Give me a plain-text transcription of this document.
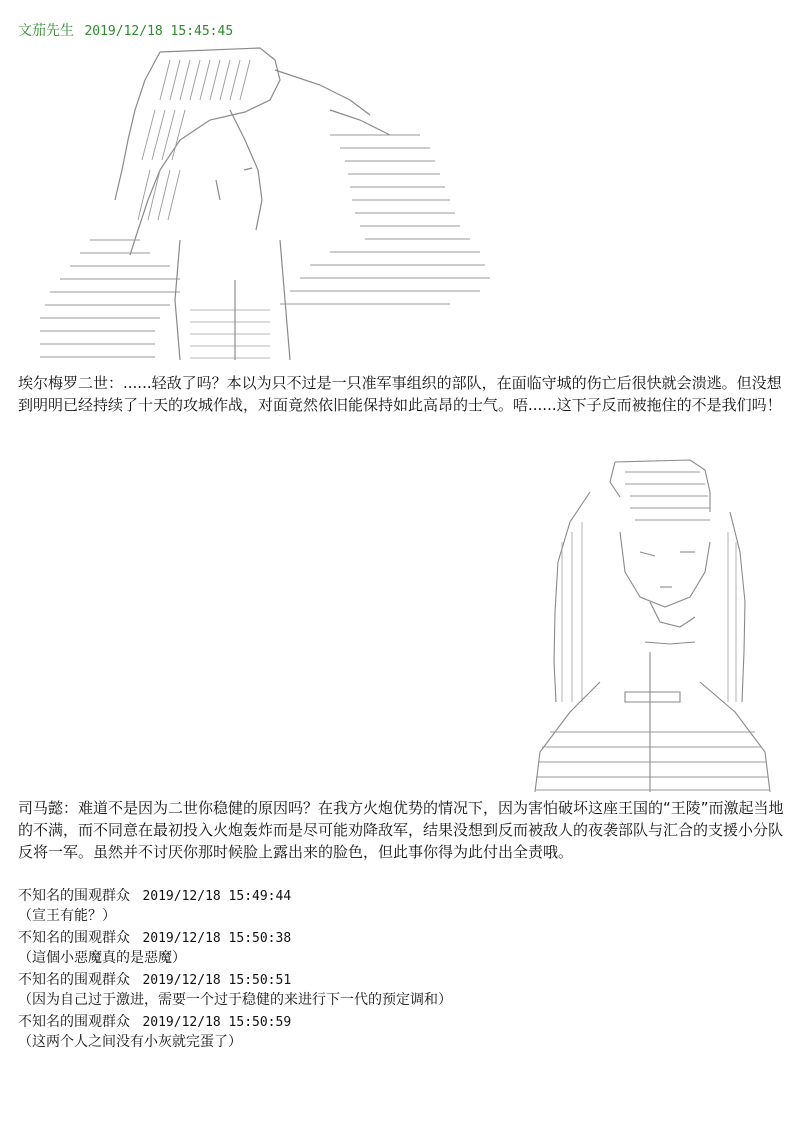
文茄先生 2019/12/18 15:45:45
埃尔梅罗二世：......轻敌了吗？本以为只不过是一只准军事组织的部队，在面临守城的伤亡后很快就会溃逃。但没想到明明已经持续了十天的攻城作战，对面竟然依旧能保持如此高昂的士气。唔......这下子反而被拖住的不是我们吗！
司马懿：难道不是因为二世你稳健的原因吗？在我方火炮优势的情况下，因为害怕破坏这座王国的“王陵”而激起当地的不满，而不同意在最初投入火炮轰炸而是尽可能劝降敌军，结果没想到反而被敌人的夜袭部队与汇合的支援小分队反将一军。虽然并不讨厌你那时候脸上露出来的脸色，但此事你得为此付出全责哦。
不知名的围观群众 2019/12/18 15:49:44
（宣王有能？）
不知名的围观群众 2019/12/18 15:50:38
（這個小惡魔真的是惡魔）
不知名的围观群众 2019/12/18 15:50:51
（因为自己过于激进，需要一个过于稳健的来进行下一代的预定调和）
不知名的围观群众 2019/12/18 15:50:59
（这两个人之间没有小灰就完蛋了）
